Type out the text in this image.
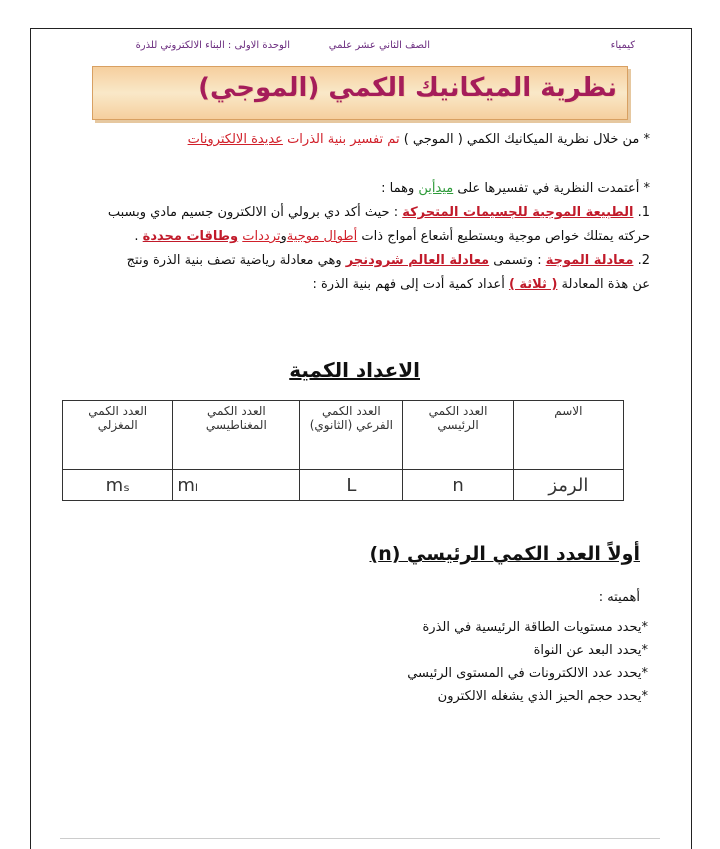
كيمياء
الصف الثاني عشر علمي
الوحدة الاولى : البناء الالكتروني للذرة
نظرية الميكانيك الكمي (الموجي)
* من خلال نظرية الميكانيك الكمي ( الموجي ) تم تفسير بنية الذرات عديدة الالكترونات
* أعتمدت النظرية في تفسيرها على ميدأين وهما :
1. الطبيعة الموجية للجسيمات المتحركة : حيث أكد دي برولي أن الالكترون جسيم مادي وبسبب
حركته يمتلك خواص موجية ويستطيع أشعاع أمواج ذات أطوال موجيةوترددات وطاقات محددة .
2. معادلة الموجة : وتسمى معادلة العالم شرودنجر وهي معادلة رياضية تصف بنية الذرة ونتج
عن هذة المعادلة ( ثلاثة ) أعداد كمية أدت إلى فهم بنية الذرة :
الاعداد الكمية
الاسم	العدد الكمي الرئيسي	العدد الكمي الفرعي (الثانوي)	العدد الكمي المغناطيسي	العدد الكمي المغزلي
الرمز	n	L	mₗ	mₛ
أولاً العدد الكمي الرئيسي (n)
أهميته :
*يحدد مستويات الطاقة الرئيسية في الذرة
*يحدد البعد عن النواة
*يحدد عدد الالكترونات في المستوى الرئيسي
*يحدد حجم الحيز الذي يشغله الالكترون
